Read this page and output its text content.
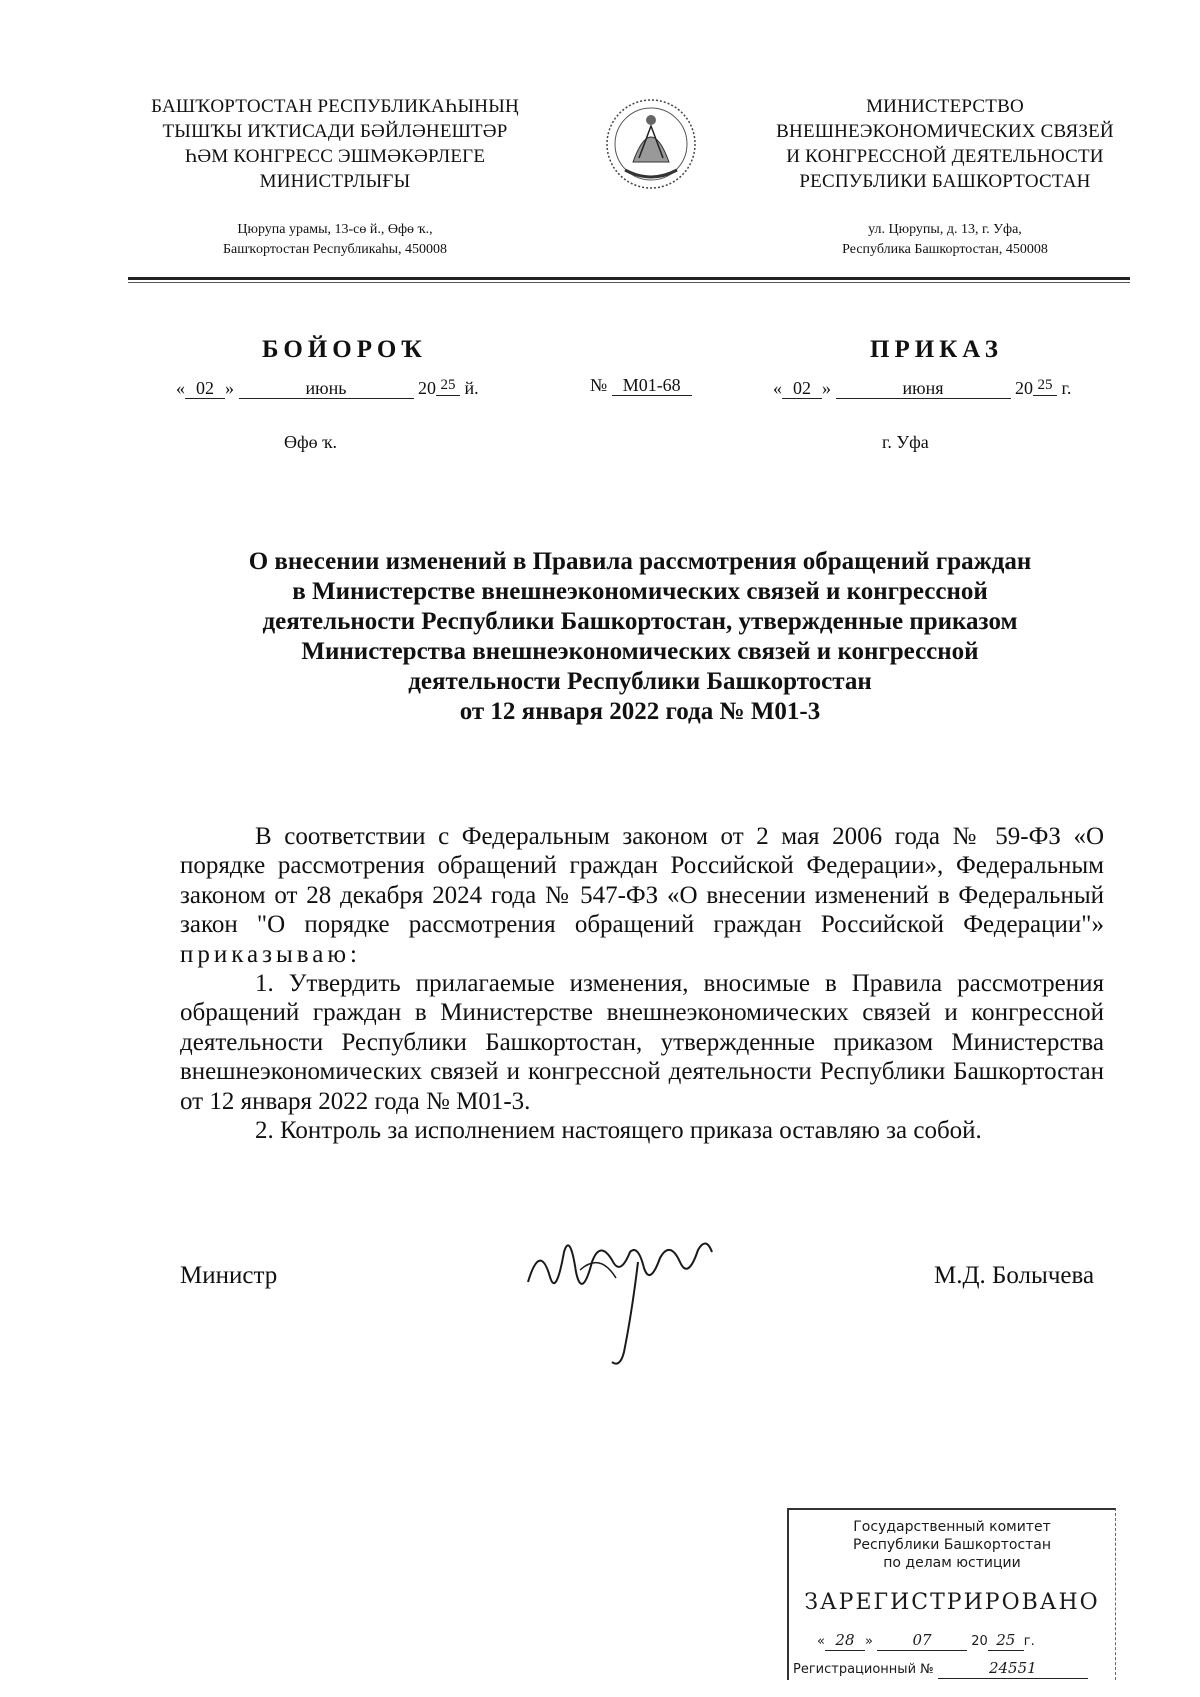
БАШҠОРТОСТАН РЕСПУБЛИКАҺЫНЫҢ
ТЫШҠЫ ИҠТИСАДИ БӘЙЛӘНЕШТӘР
ҺӘМ КОНГРЕСС ЭШМӘКӘРЛЕГЕ
МИНИСТРЛЫҒЫ
Цюрупа урамы, 13-сө й., Өфө ҡ.,
Башҡортостан Республикаһы, 450008
МИНИСТЕРСТВО
ВНЕШНЕЭКОНОМИЧЕСКИХ СВЯЗЕЙ
И КОНГРЕССНОЙ ДЕЯТЕЛЬНОСТИ
РЕСПУБЛИКИ БАШКОРТОСТАН
ул. Цюрупы, д. 13, г. Уфа,
Республика Башкортостан, 450008
БОЙОРОҠ	ПРИКАЗ
« 02 »	июнь	20 25 й.	№ М01-68	« 02 »	июня	20 25 г.
Өфө ҡ.	г. Уфа
О внесении изменений в Правила рассмотрения обращений граждан
в Министерстве внешнеэкономических связей и конгрессной
деятельности Республики Башкортостан, утвержденные приказом
Министерства внешнеэкономических связей и конгрессной
деятельности Республики Башкортостан
от 12 января 2022 года № М01-3

В соответствии с Федеральным законом от 2 мая 2006 года № 59-ФЗ «О порядке рассмотрения обращений граждан Российской Федерации», Федеральным законом от 28 декабря 2024 года № 547-ФЗ «О внесении изменений в Федеральный закон "О порядке рассмотрения обращений граждан Российской Федерации"» приказываю:

1. Утвердить прилагаемые изменения, вносимые в Правила рассмотрения обращений граждан в Министерстве внешнеэкономических связей и конгрессной деятельности Республики Башкортостан, утвержденные приказом Министерства внешнеэкономических связей и конгрессной деятельности Республики Башкортостан от 12 января 2022 года № М01-3.

2. Контроль за исполнением настоящего приказа оставляю за собой.

Министр	М.Д. Болычева
Государственный комитет
Республики Башкортостан
по делам юстиции
ЗАРЕГИСТРИРОВАНО
« 28 » 07	20 25 г.
Регистрационный №	24551
